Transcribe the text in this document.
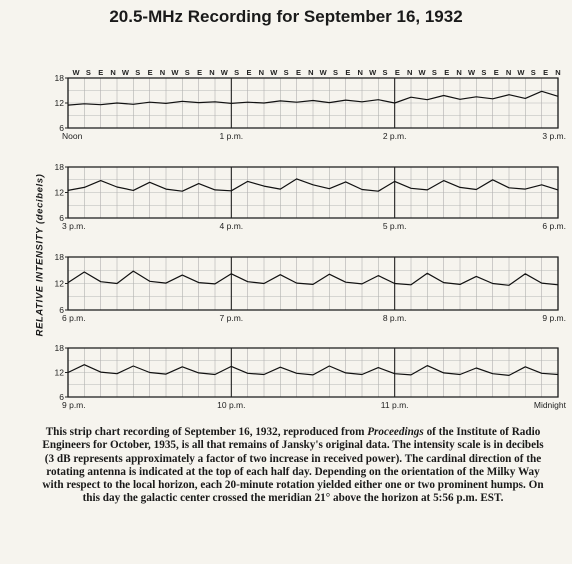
20.5-MHz Recording for September 16, 1932
RELATIVE INTENSITY (decibels)
W S E N W S E N W S E N W S E N W S E N W S E N W S E N W S E N W S E N W S E N
6
12
18
Noon	1 p.m.	2 p.m.	3 p.m.
6
12
18
3 p.m.	4 p.m.	5 p.m.	6 p.m.
6
12
18
6 p.m.	7 p.m.	8 p.m.	9 p.m.
6
12
18
9 p.m.	10 p.m.	11 p.m.	Midnight
This strip chart recording of September 16, 1932, reproduced from Proceedings of the Institute of Radio Engineers for October, 1935, is all that remains of Jansky's original data. The intensity scale is in decibels (3 dB represents approximately a factor of two increase in received power). The cardinal direction of the rotating antenna is indicated at the top of each half day. Depending on the orientation of the Milky Way with respect to the local horizon, each 20-minute rotation yielded either one or two prominent humps. On this day the galactic center crossed the meridian 21° above the horizon at 5:56 p.m. EST.
